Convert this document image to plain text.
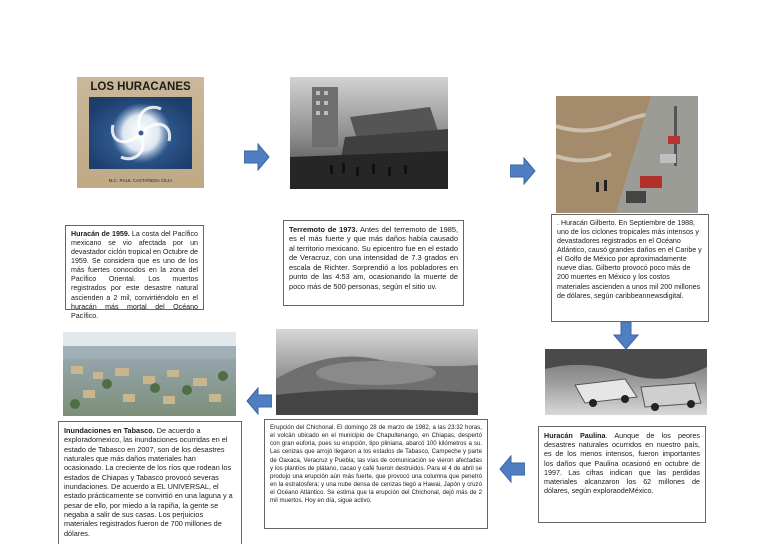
LOS HURACANES
M.C. RAUL CASTAÑEDA CEJA
Huracán de 1959. La costa del Pacífico mexicano se vio afectada por un devastador ciclón tropical en Octubre de 1959. Se considera que es uno de los más fuertes conocidos en la zona del Pacífico Oriental. Los muertos registrados por este desastre natural ascienden a 2 mil, convirtiéndolo en el huracán más mortal del Océano Pacífico.
Terremoto de 1973. Antes del terremoto de 1985, es el más fuerte y que más daños había causado al territorio mexicano. Su epicentro fue en el estado de Veracruz, con una intensidad de 7.3 grados en escala de Richter. Sorprendió a los pobladores en punto de las 4:53 am, ocasionando la muerte de poco más de 500 personas, según el sitio uv.
. Huracán Gilberto. En Septiembre de 1988, uno de los ciclones tropicales más intensos y devastadores registrados en el Océano Atlántico, causó grandes daños en el Caribe y el Golfo de México por aproximadamente nueve días. Gilberto provocó poco más de 200 muertes en México y los costos materiales ascienden a unos mil 200 millones de dólares, según caribbeannewsdigital.
Huracán Paulina. Aunque de los peores desastres naturales ocurridos en nuestro país, es de los menos intensos, fueron importantes los daños que Paulina ocasionó en octubre de 1997. Las cifras indican que las perdidas materiales alcanzaron los 62 millones de dólares, según exploraodeMéxico.
Erupción del Chichonal. El domingo 28 de marzo de 1982, a las 23:32 horas, el volcán ubicado en el municipio de Chapultenango, en Chiapas, despertó con gran euforia, pues su erupción, tipo pliniana, abarcó 100 kilómetros a su. Las cenizas que arrojó llegaron a los estados de Tabasco, Campeche y parte de Oaxaca, Veracruz y Puebla; las vías de comunicación se vieron afectadas y los plantíos de plátano, cacao y café fueron destruidos. Para el 4 de abril se produjo una erupción aún más fuerte, que provocó una columna que penetró en la estratosfera; y una nube densa de cenizas llegó a Hawai, Japón y cruzó el Océano Atlántico. Se estima que la erupción del Chichonal, dejó más de 2 mil muertos. Hoy en día, sigue activo.
Inundaciones en Tabasco. De acuerdo a exploradomexico, las inundaciones ocurridas en el estado de Tabasco en 2007, son de los desastres naturales que más daños materiales han ocasionado. La creciente de los ríos que rodean los estados de Chiapas y Tabasco provocó severas inundaciones. De acuerdo a EL UNIVERSAL, el estado prácticamente se convirtió en una laguna y a pesar de ello, por miedo a la rapiña, la gente se negaba a salir de sus casas. Los perjuicios materiales registrados fueron de 700 millones de dólares.
